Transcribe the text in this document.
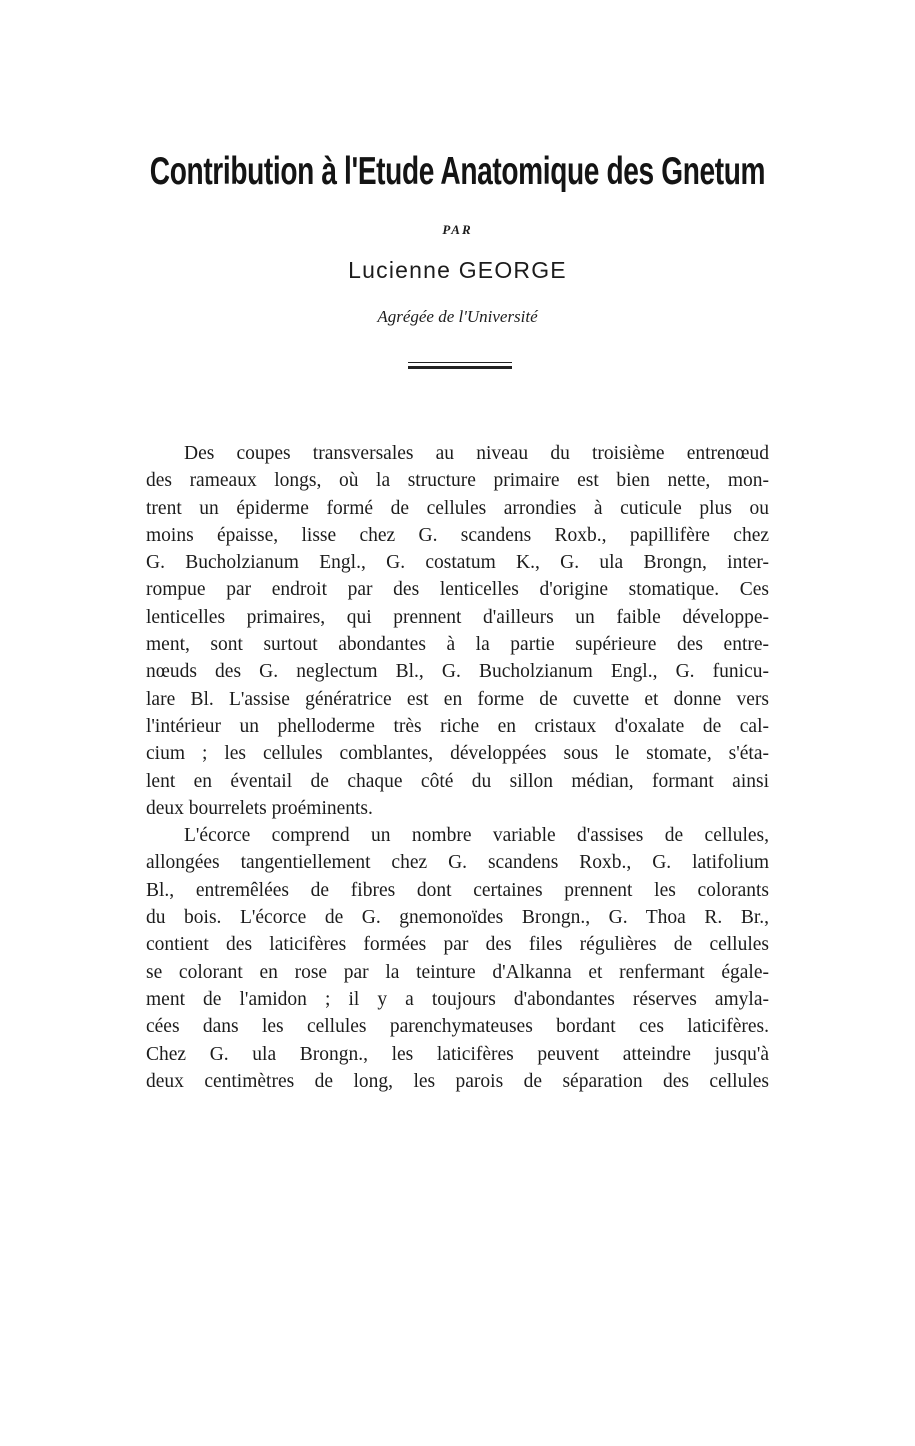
Contribution à l'Etude Anatomique des Gnetum
PAR
Lucienne GEORGE
Agrégée de l'Université
Des coupes transversales au niveau du troisième entrenœud
des rameaux longs, où la structure primaire est bien nette, mon-
trent un épiderme formé de cellules arrondies à cuticule plus ou
moins épaisse, lisse chez G. scandens Roxb., papillifère chez
G. Bucholzianum Engl., G. costatum K., G. ula Brongn, inter-
rompue par endroit par des lenticelles d'origine stomatique. Ces
lenticelles primaires, qui prennent d'ailleurs un faible développe-
ment, sont surtout abondantes à la partie supérieure des entre-
nœuds des G. neglectum Bl., G. Bucholzianum Engl., G. funicu-
lare Bl. L'assise génératrice est en forme de cuvette et donne vers
l'intérieur un phelloderme très riche en cristaux d'oxalate de cal-
cium ; les cellules comblantes, développées sous le stomate, s'éta-
lent en éventail de chaque côté du sillon médian, formant ainsi
deux bourrelets proéminents.
L'écorce comprend un nombre variable d'assises de cellules,
allongées tangentiellement chez G. scandens Roxb., G. latifolium
Bl., entremêlées de fibres dont certaines prennent les colorants
du bois. L'écorce de G. gnemonoïdes Brongn., G. Thoa R. Br.,
contient des laticifères formées par des files régulières de cellules
se colorant en rose par la teinture d'Alkanna et renfermant égale-
ment de l'amidon ; il y a toujours d'abondantes réserves amyla-
cées dans les cellules parenchymateuses bordant ces laticifères.
Chez G. ula Brongn., les laticifères peuvent atteindre jusqu'à
deux centimètres de long, les parois de séparation des cellules
